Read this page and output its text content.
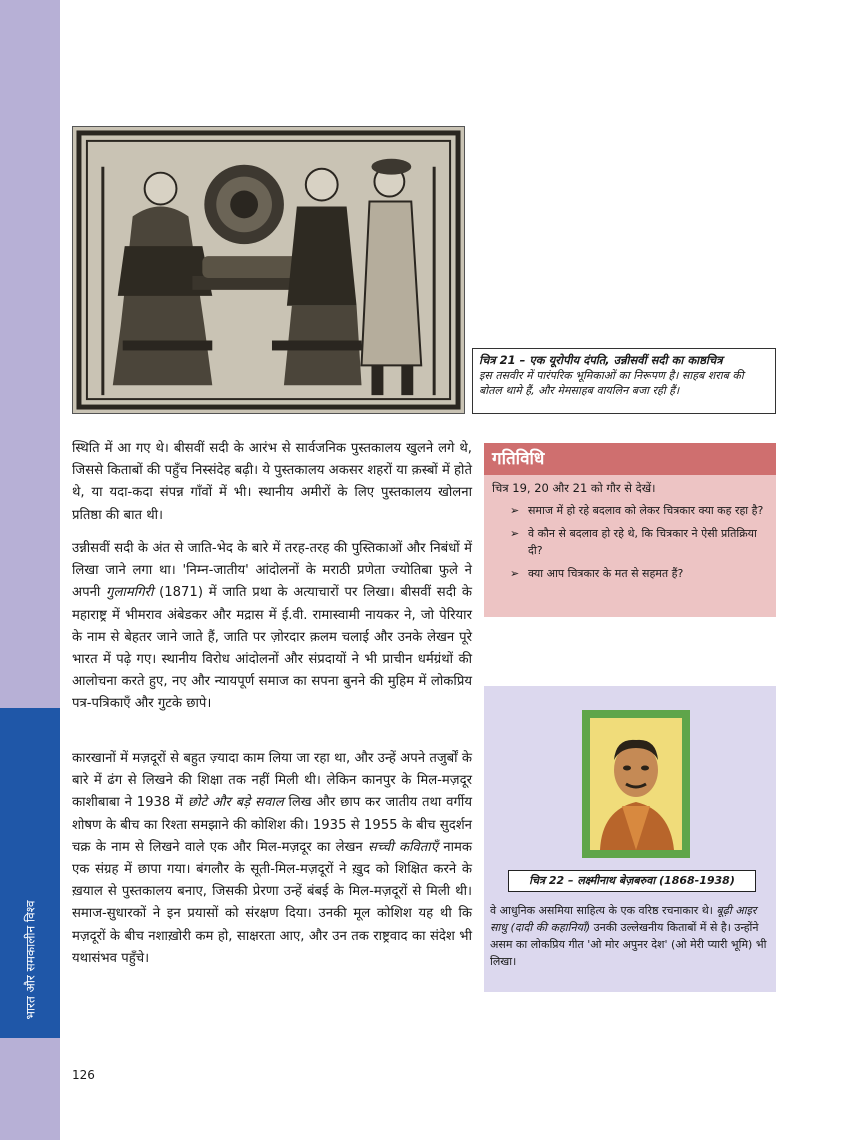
भारत और समकालीन विश्व
चित्र 21 – एक यूरोपीय दंपति, उन्नीसवीं सदी का काष्ठचित्र
इस तसवीर में पारंपरिक भूमिकाओं का निरूपण है। साहब शराब की बोतल थामे हैं, और मेमसाहब वायलिन बजा रही हैं।

स्थिति में आ गए थे। बीसवीं सदी के आरंभ से सार्वजनिक पुस्तकालय खुलने लगे थे, जिससे किताबों की पहुँच निस्संदेह बढ़ी। ये पुस्तकालय अकसर शहरों या क़स्बों में होते थे, या यदा-कदा संपन्न गाँवों में भी। स्थानीय अमीरों के लिए पुस्तकालय खोलना प्रतिष्ठा की बात थी।

उन्नीसवीं सदी के अंत से जाति-भेद के बारे में तरह-तरह की पुस्तिकाओं और निबंधों में लिखा जाने लगा था। 'निम्न-जातीय' आंदोलनों के मराठी प्रणेता ज्योतिबा फुले ने अपनी गुलामगिरी (1871) में जाति प्रथा के अत्याचारों पर लिखा। बीसवीं सदी के महाराष्ट्र में भीमराव अंबेडकर और मद्रास में ई.वी. रामास्वामी नायकर ने, जो पेरियार के नाम से बेहतर जाने जाते हैं, जाति पर ज़ोरदार क़लम चलाई और उनके लेखन पूरे भारत में पढ़े गए। स्थानीय विरोध आंदोलनों और संप्रदायों ने भी प्राचीन धर्मग्रंथों की आलोचना करते हुए, नए और न्यायपूर्ण समाज का सपना बुनने की मुहिम में लोकप्रिय पत्र-पत्रिकाएँ और गुटके छापे।

कारखानों में मज़दूरों से बहुत ज़्यादा काम लिया जा रहा था, और उन्हें अपने तजुर्बों के बारे में ढंग से लिखने की शिक्षा तक नहीं मिली थी। लेकिन कानपुर के मिल-मज़दूर काशीबाबा ने 1938 में छोटे और बड़े सवाल लिख और छाप कर जातीय तथा वर्गीय शोषण के बीच का रिश्ता समझाने की कोशिश की। 1935 से 1955 के बीच सुदर्शन चक्र के नाम से लिखने वाले एक और मिल-मज़दूर का लेखन सच्ची कविताएँ नामक एक संग्रह में छापा गया। बंगलौर के सूती-मिल-मज़दूरों ने ख़ुद को शिक्षित करने के ख़याल से पुस्तकालय बनाए, जिसकी प्रेरणा उन्हें बंबई के मिल-मज़दूरों से मिली थी। समाज-सुधारकों ने इन प्रयासों को संरक्षण दिया। उनकी मूल कोशिश यह थी कि मज़दूरों के बीच नशाख़ोरी कम हो, साक्षरता आए, और उन तक राष्ट्रवाद का संदेश भी यथासंभव पहुँचे।

गतिविधि
चित्र 19, 20 और 21 को गौर से देखें।
➢ समाज में हो रहे बदलाव को लेकर चित्रकार क्या कह रहा है?
➢ वे कौन से बदलाव हो रहे थे, कि चित्रकार ने ऐसी प्रतिक्रिया दी?
➢ क्या आप चित्रकार के मत से सहमत हैं?
चित्र 22 – लक्ष्मीनाथ बेज़बरुवा (1868-1938)

वे आधुनिक असमिया साहित्य के एक वरिष्ठ रचनाकार थे। बूढ़ी आइर साधु (दादी की कहानियाँ) उनकी उल्लेखनीय किताबों में से है। उन्होंने असम का लोकप्रिय गीत 'ओ मोर अपुनर देश' (ओ मेरी प्यारी भूमि) भी लिखा।

126
